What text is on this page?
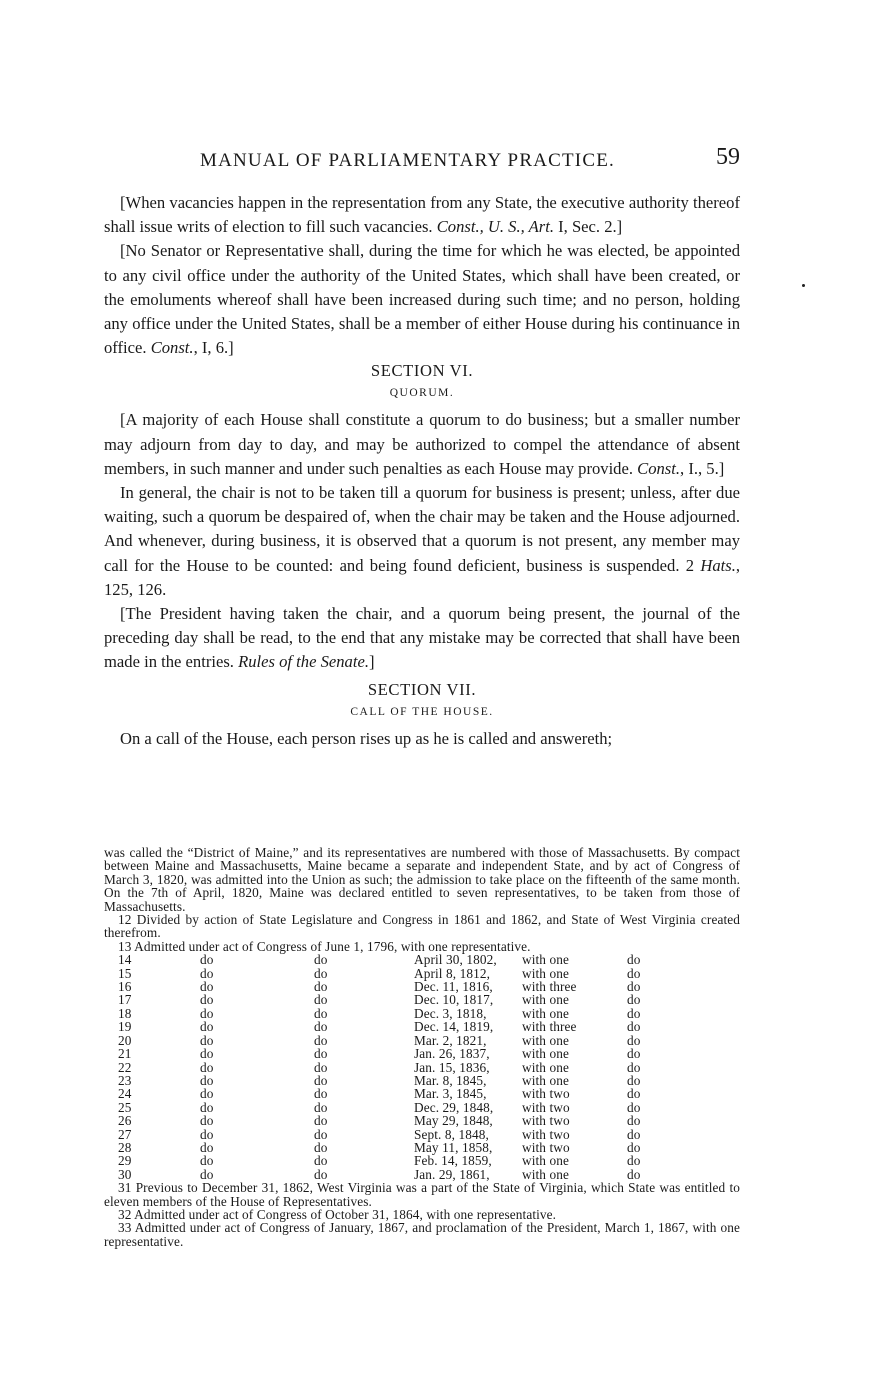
MANUAL OF PARLIAMENTARY PRACTICE.	59

[When vacancies happen in the representation from any State, the executive authority thereof shall issue writs of election to fill such vacancies. Const., U. S., Art. I, Sec. 2.]

[No Senator or Representative shall, during the time for which he was elected, be appointed to any civil office under the authority of the United States, which shall have been created, or the emoluments whereof shall have been increased during such time; and no person, holding any office under the United States, shall be a member of either House during his continuance in office. Const., I, 6.]

SECTION VI.
QUORUM.

[A majority of each House shall constitute a quorum to do business; but a smaller number may adjourn from day to day, and may be authorized to compel the attendance of absent members, in such manner and under such penalties as each House may provide. Const., I., 5.]

In general, the chair is not to be taken till a quorum for business is present; unless, after due waiting, such a quorum be despaired of, when the chair may be taken and the House adjourned. And whenever, during business, it is observed that a quorum is not present, any member may call for the House to be counted: and being found deficient, business is suspended. 2 Hats., 125, 126.

[The President having taken the chair, and a quorum being present, the journal of the preceding day shall be read, to the end that any mistake may be corrected that shall have been made in the entries. Rules of the Senate.]

SECTION VII.
CALL OF THE HOUSE.

On a call of the House, each person rises up as he is called and answereth;

was called the “District of Maine,” and its representatives are numbered with those of Massachusetts. By compact between Maine and Massachusetts, Maine became a separate and independent State, and by act of Congress of March 3, 1820, was admitted into the Union as such; the admission to take place on the fifteenth of the same month. On the 7th of April, 1820, Maine was declared entitled to seven representatives, to be taken from those of Massachusetts.

12 Divided by action of State Legislature and Congress in 1861 and 1862, and State of West Virginia created therefrom.

13 Admitted under act of Congress of June 1, 1796, with one representative.

14	do	do	April 30, 1802,	with one	do
15	do	do	April 8, 1812,	with one	do
16	do	do	Dec. 11, 1816,	with three	do
17	do	do	Dec. 10, 1817,	with one	do
18	do	do	Dec. 3, 1818,	with one	do
19	do	do	Dec. 14, 1819,	with three	do
20	do	do	Mar. 2, 1821,	with one	do
21	do	do	Jan. 26, 1837,	with one	do
22	do	do	Jan. 15, 1836,	with one	do
23	do	do	Mar. 8, 1845,	with one	do
24	do	do	Mar. 3, 1845,	with two	do
25	do	do	Dec. 29, 1848,	with two	do
26	do	do	May 29, 1848,	with two	do
27	do	do	Sept. 8, 1848,	with two	do
28	do	do	May 11, 1858,	with two	do
29	do	do	Feb. 14, 1859,	with one	do
30	do	do	Jan. 29, 1861,	with one	do

31 Previous to December 31, 1862, West Virginia was a part of the State of Virginia, which State was entitled to eleven members of the House of Representatives.

32 Admitted under act of Congress of October 31, 1864, with one representative.

33 Admitted under act of Congress of January, 1867, and proclamation of the President, March 1, 1867, with one representative.
